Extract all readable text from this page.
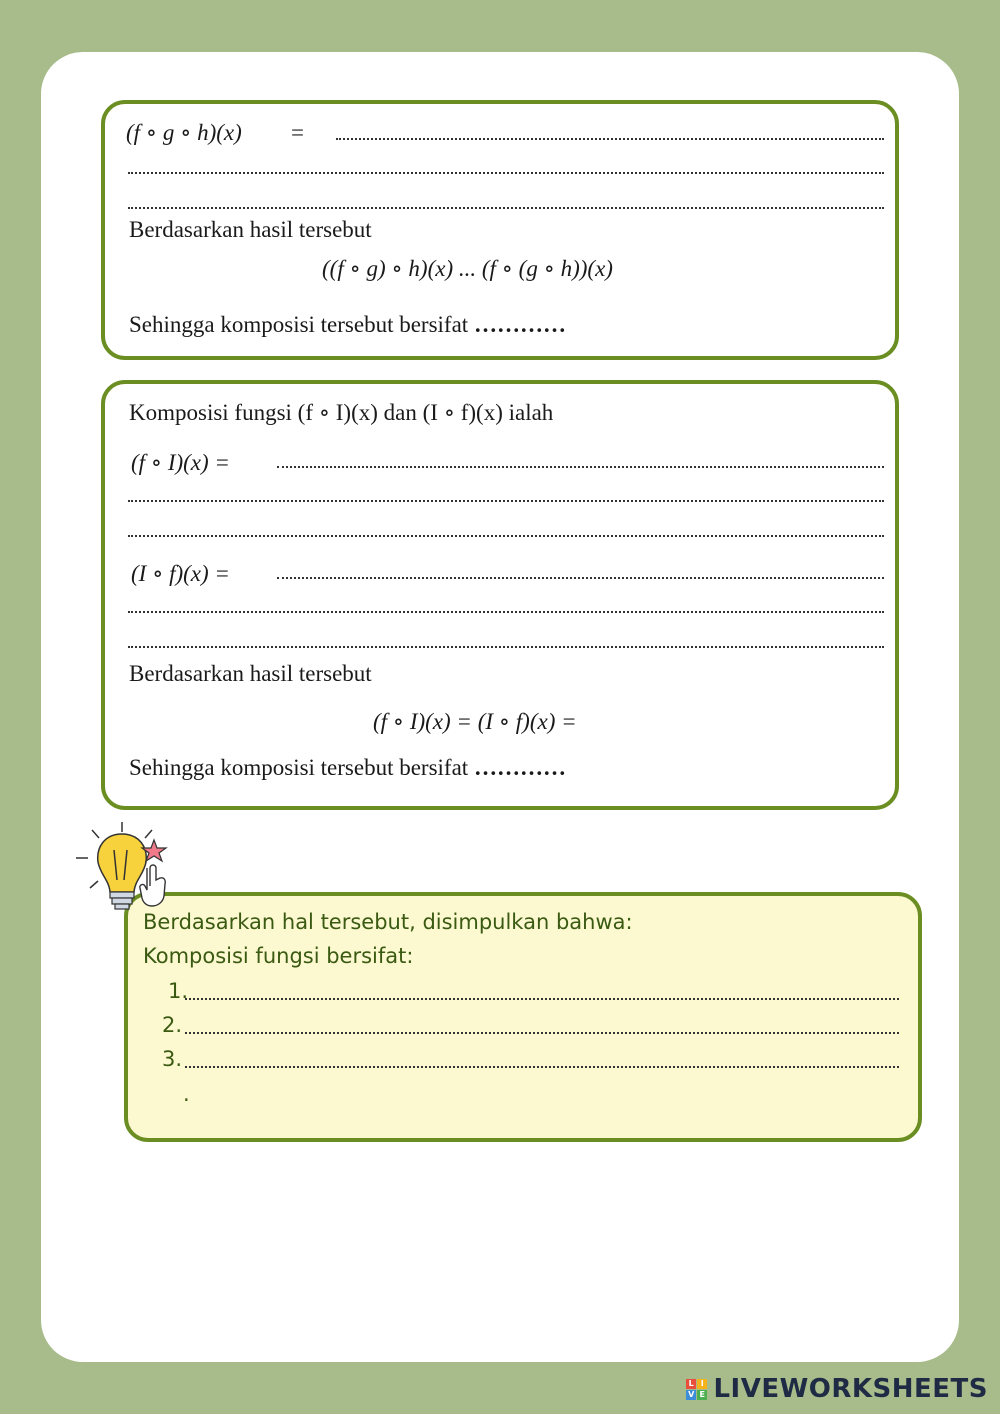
(f ∘ g ∘ h)(x) =
Berdasarkan hasil tersebut
((f ∘ g) ∘ h)(x) ... (f ∘ (g ∘ h))(x)
Sehingga komposisi tersebut bersifat …………
Komposisi fungsi (f ∘ I)(x) dan (I ∘ f)(x) ialah
(f ∘ I)(x) =
(I ∘ f)(x) =
Berdasarkan hasil tersebut
(f ∘ I)(x) = (I ∘ f)(x) =
Sehingga komposisi tersebut bersifat …………
Berdasarkan hal tersebut, disimpulkan bahwa:
Komposisi fungsi bersifat:
1.
2.
3.
.
L I
V E LIVEWORKSHEETS
